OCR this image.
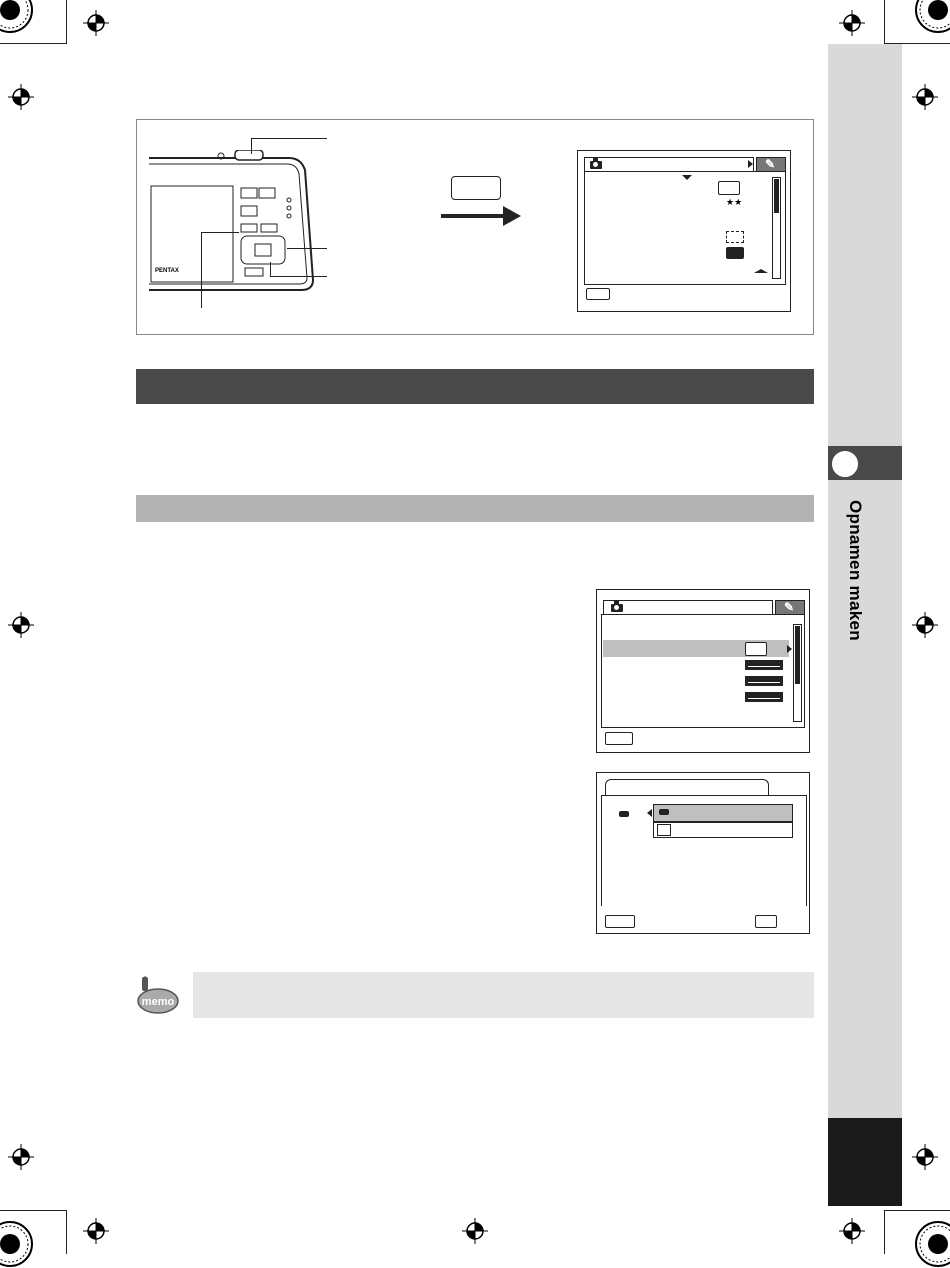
Opnamen maken
PENTAX
✎
★★
✎
memo
